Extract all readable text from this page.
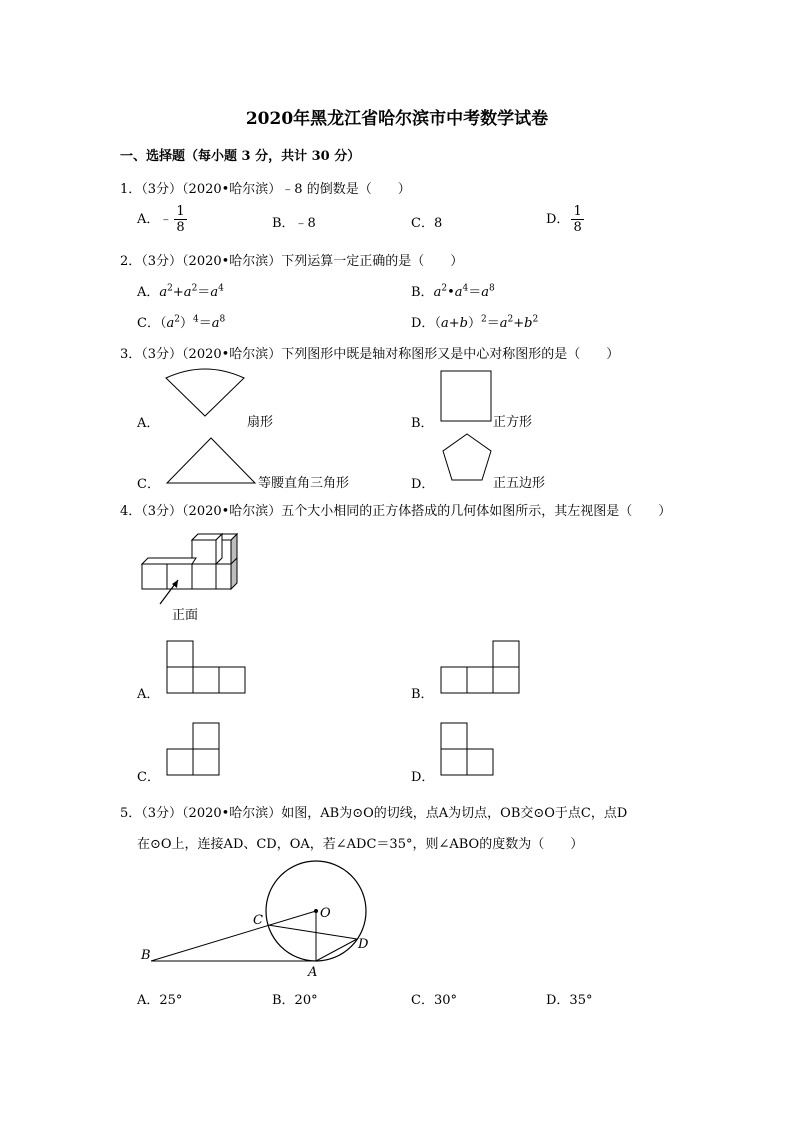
2020年黑龙江省哈尔滨市中考数学试卷
一、选择题（每小题 3 分，共计 30 分）
1．（3分）（2020•哈尔滨）﹣8 的倒数是（　　）
A．﹣ $\frac{1}{8}$	B．﹣8	C．8	D． $\frac{1}{8}$
2．（3分）（2020•哈尔滨）下列运算一定正确的是（　　）
A．$a^2+a^2=a^4$	B．$a^2•a^4=a^8$
C．$(a^2)^4=a^8$	D．$(a+b)^2=a^2+b^2$
3．（3分）（2020•哈尔滨）下列图形中既是轴对称图形又是中心对称图形的是（　　）
A．	扇形	B．	正方形
C．	等腰直角三角形	D．	正五边形
4．（3分）（2020•哈尔滨）五个大小相同的正方体搭成的几何体如图所示，其左视图是（　　）
正面
A．	B．
C．	D．
5．（3分）（2020•哈尔滨）如图，AB为⊙O的切线，点A为切点，OB交⊙O于点C，点D
在⊙O上，连接AD、CD，OA，若∠ADC＝35°，则∠ABO的度数为（　　）
O
C
B
A
D
A．25°	B．20°	C．30°	D．35°
